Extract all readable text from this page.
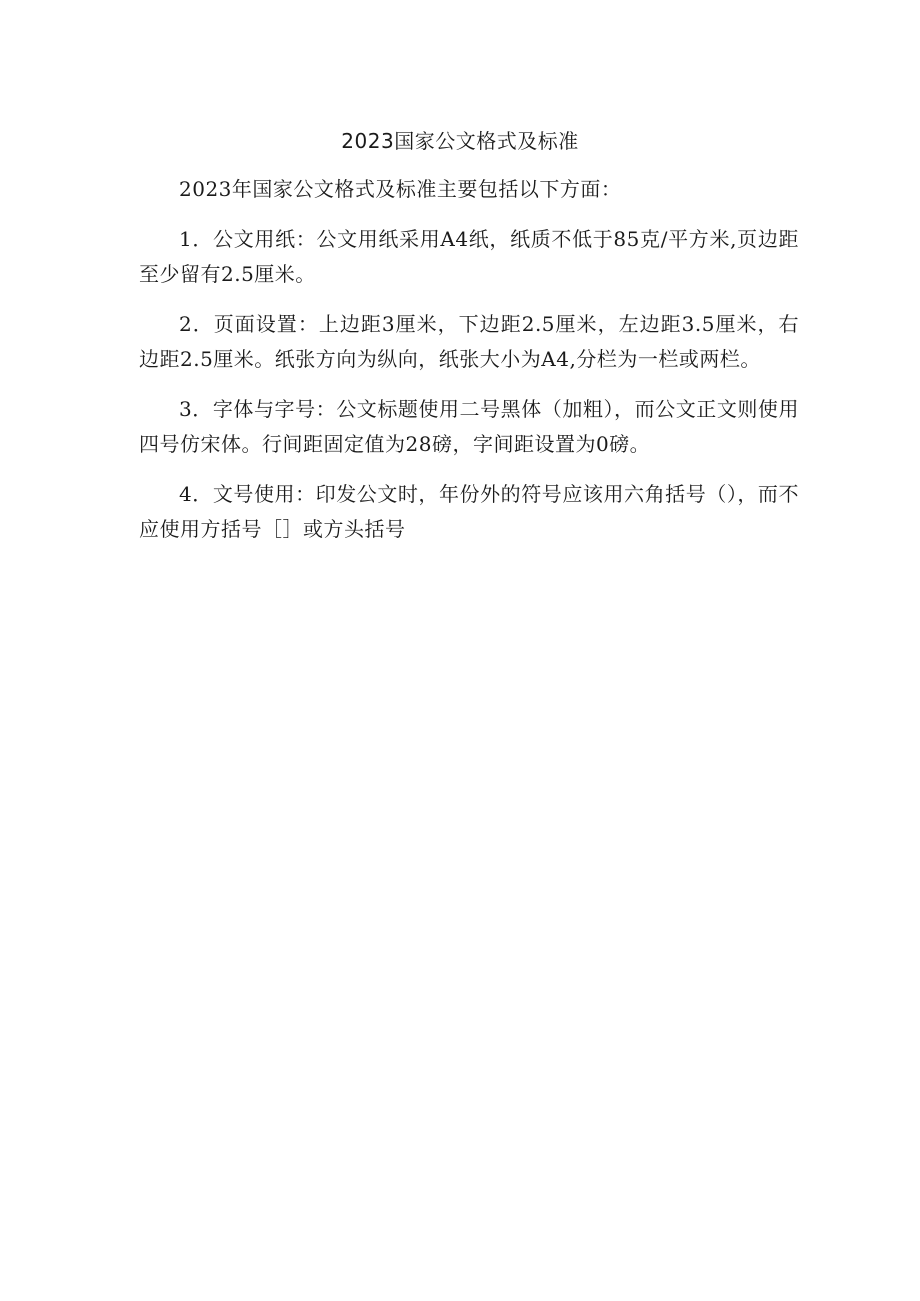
2023国家公文格式及标准

2023年国家公文格式及标准主要包括以下方面：

1．公文用纸：公文用纸采用A4纸，纸质不低于85克/平方米,页边距至少留有2.5厘米。

2．页面设置：上边距3厘米，下边距2.5厘米，左边距3.5厘米，右边距2.5厘米。纸张方向为纵向，纸张大小为A4,分栏为一栏或两栏。

3．字体与字号：公文标题使用二号黑体（加粗），而公文正文则使用四号仿宋体。行间距固定值为28磅，字间距设置为0磅。

4．文号使用：印发公文时，年份外的符号应该用六角括号（），而不应使用方括号［］或方头括号
